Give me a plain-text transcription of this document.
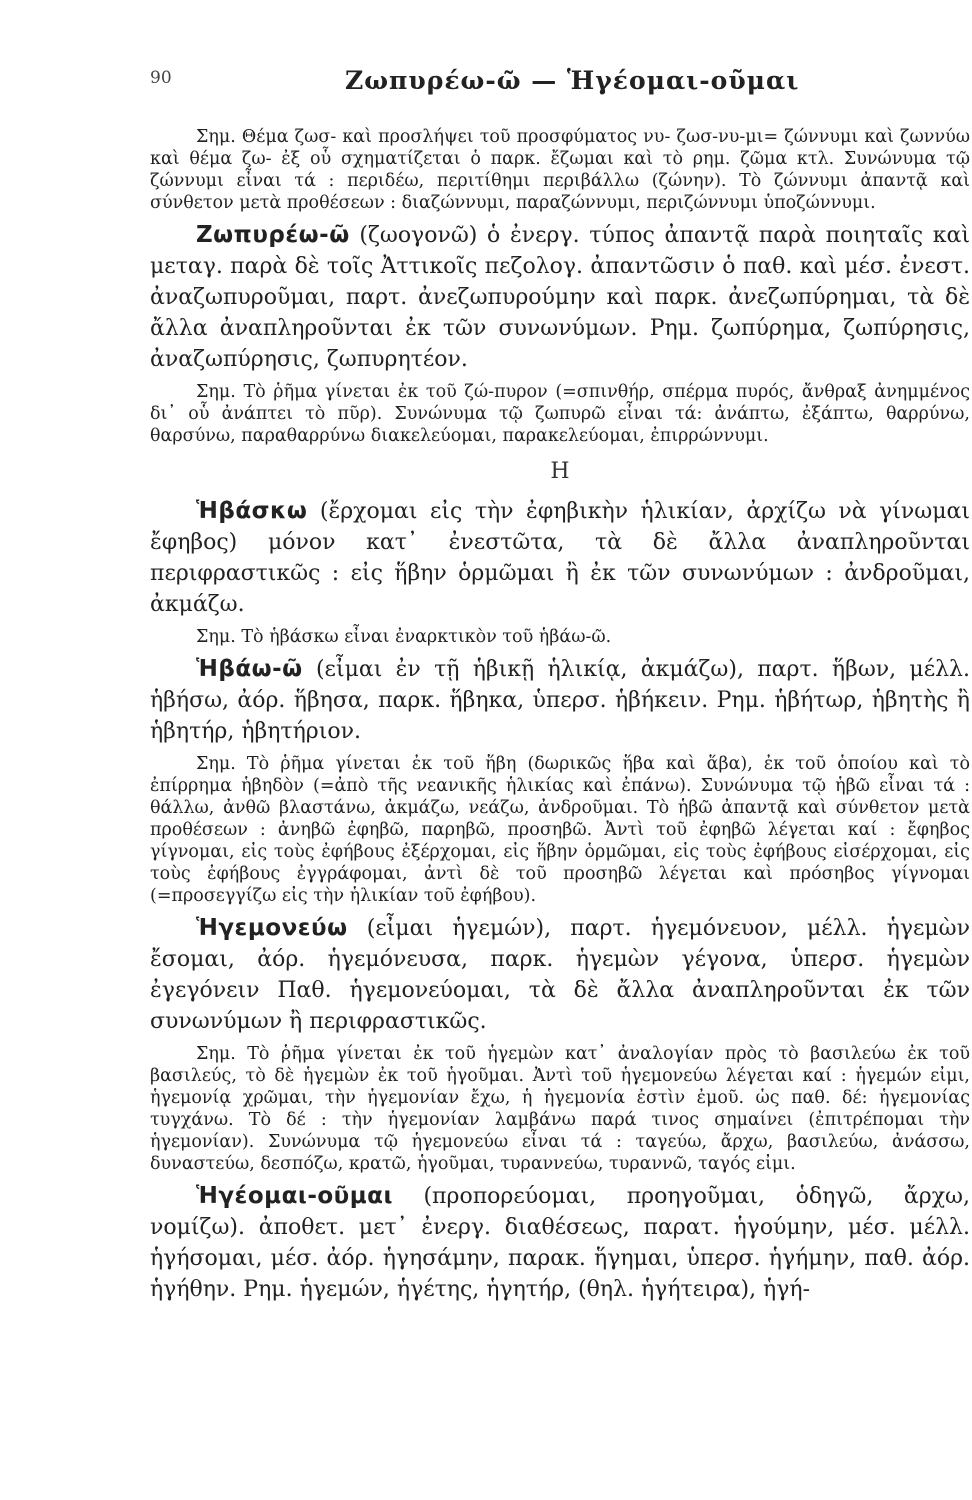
90	Ζωπυρέω-ῶ — Ἡγέομαι-οῦμαι

Σημ. Θέμα ζωσ- καὶ προσλήψει τοῦ προσφύματος νυ- ζωσ-νυ-μι= ζώννυμι καὶ ζωννύω καὶ θέμα ζω- ἐξ οὗ σχηματίζεται ὁ παρκ. ἔζωμαι καὶ τὸ ρημ. ζῶμα κτλ. Συνώνυμα τῷ ζώννυμι εἶναι τά : περιδέω, περιτίθημι περιβάλλω (ζώνην). Τὸ ζώννυμι ἀπαντᾷ καὶ σύνθετον μετὰ προθέσεων : διαζώννυμι, παραζώννυμι, περιζώννυμι ὑποζώννυμι.

Ζωπυρέω-ῶ (ζωογονῶ) ὁ ἐνεργ. τύπος ἀπαντᾷ παρὰ ποιηταῖς καὶ μεταγ. παρὰ δὲ τοῖς Ἀττικοῖς πεζολογ. ἀπαντῶσιν ὁ παθ. καὶ μέσ. ἐνεστ. ἀναζωπυροῦμαι, παρτ. ἀνεζωπυρούμην καὶ παρκ. ἀνεζωπύρημαι, τὰ δὲ ἄλλα ἀναπληροῦνται ἐκ τῶν συνωνύμων. Ρημ. ζωπύρημα, ζωπύρησις, ἀναζωπύρησις, ζωπυρητέον.

Σημ. Τὸ ῥῆμα γίνεται ἐκ τοῦ ζώ-πυρον (=σπινθήρ, σπέρμα πυρός, ἄνθραξ ἀνημμένος δι᾽ οὗ ἀνάπτει τὸ πῦρ). Συνώνυμα τῷ ζωπυρῶ εἶναι τά: ἀνάπτω, ἐξάπτω, θαρρύνω, θαρσύνω, παραθαρρύνω διακελεύομαι, παρακελεύομαι, ἐπιρρώννυμι.

Η

Ἡβάσκω (ἔρχομαι εἰς τὴν ἐφηβικὴν ἡλικίαν, ἀρχίζω νὰ γίνωμαι ἔφηβος) μόνον κατ᾽ ἐνεστῶτα, τὰ δὲ ἄλλα ἀναπληροῦνται περιφραστικῶς : εἰς ἥβην ὁρμῶμαι ἢ ἐκ τῶν συνωνύμων : ἀνδροῦμαι, ἀκμάζω.

Σημ. Τὸ ἡβάσκω εἶναι ἐναρκτικὸν τοῦ ἡβάω-ῶ.

Ἡβάω-ῶ (εἶμαι ἐν τῇ ἡβικῇ ἡλικίᾳ, ἀκμάζω), παρτ. ἥβων, μέλλ. ἡβήσω, ἀόρ. ἥβησα, παρκ. ἥβηκα, ὑπερσ. ἡβήκειν. Ρημ. ἡβήτωρ, ἡβητὴς ἢ ἡβητήρ, ἡβητήριον.

Σημ. Τὸ ῥῆμα γίνεται ἐκ τοῦ ἥβη (δωρικῶς ἥβα καὶ ἅβα), ἐκ τοῦ ὁποίου καὶ τὸ ἐπίρρημα ἡβηδὸν (=ἀπὸ τῆς νεανικῆς ἡλικίας καὶ ἐπάνω). Συνώνυμα τῷ ἡβῶ εἶναι τά : θάλλω, ἀνθῶ βλαστάνω, ἀκμάζω, νεάζω, ἀνδροῦμαι. Τὸ ἡβῶ ἀπαντᾷ καὶ σύνθετον μετὰ προθέσεων : ἀνηβῶ ἐφηβῶ, παρηβῶ, προσηβῶ. Ἀντὶ τοῦ ἐφηβῶ λέγεται καί : ἔφηβος γίγνομαι, εἰς τοὺς ἐφήβους ἐξέρχομαι, εἰς ἥβην ὁρμῶμαι, εἰς τοὺς ἐφήβους εἰσέρχομαι, εἰς τοὺς ἐφήβους ἐγγράφομαι, ἀντὶ δὲ τοῦ προσηβῶ λέγεται καὶ πρόσηβος γίγνομαι (=προσεγγίζω εἰς τὴν ἡλικίαν τοῦ ἐφήβου).

Ἡγεμονεύω (εἶμαι ἡγεμών), παρτ. ἡγεμόνευον, μέλλ. ἡγεμὼν ἔσομαι, ἀόρ. ἡγεμόνευσα, παρκ. ἡγεμὼν γέγονα, ὑπερσ. ἡγεμὼν ἐγεγόνειν Παθ. ἡγεμονεύομαι, τὰ δὲ ἄλλα ἀναπληροῦνται ἐκ τῶν συνωνύμων ἢ περιφραστικῶς.

Σημ. Τὸ ῥῆμα γίνεται ἐκ τοῦ ἡγεμὼν κατ᾽ ἀναλογίαν πρὸς τὸ βασιλεύω ἐκ τοῦ βασιλεύς, τὸ δὲ ἡγεμὼν ἐκ τοῦ ἡγοῦμαι. Ἀντὶ τοῦ ἡγεμονεύω λέγεται καί : ἡγεμών εἰμι, ἡγεμονίᾳ χρῶμαι, τὴν ἡγεμονίαν ἔχω, ἡ ἡγεμονία ἐστὶν ἐμοῦ. ὡς παθ. δέ: ἡγεμονίας τυγχάνω. Τὸ δέ : τὴν ἡγεμονίαν λαμβάνω παρά τινος σημαίνει (ἐπιτρέπομαι τὴν ἡγεμονίαν). Συνώνυμα τῷ ἡγεμονεύω εἶναι τά : ταγεύω, ἄρχω, βασιλεύω, ἀνάσσω, δυναστεύω, δεσπόζω, κρατῶ, ἡγοῦμαι, τυραννεύω, τυραννῶ, ταγός εἰμι.

Ἡγέομαι-οῦμαι (προπορεύομαι, προηγοῦμαι, ὁδηγῶ, ἄρχω, νομίζω). ἀποθετ. μετ᾽ ἐνεργ. διαθέσεως, παρατ. ἡγούμην, μέσ. μέλλ. ἡγήσομαι, μέσ. ἀόρ. ἡγησάμην, παρακ. ἥγημαι, ὑπερσ. ἡγήμην, παθ. ἀόρ. ἡγήθην. Ρημ. ἡγεμών, ἡγέτης, ἡγητήρ, (θηλ. ἡγήτειρα), ἡγή-
